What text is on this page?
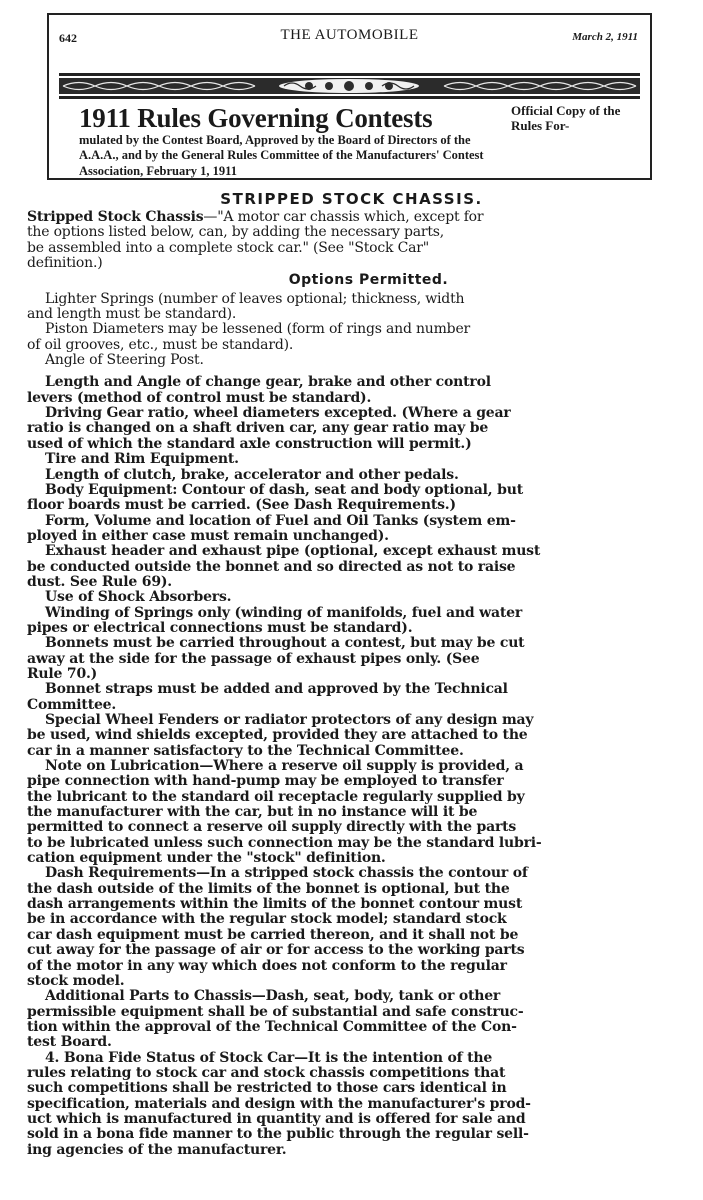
642	THE AUTOMOBILE	March 2, 1911
1911 Rules Governing Contests	Official Copy of the Rules For-
mulated by the Contest Board, Approved by the Board of Directors of the
A.A.A., and by the General Rules Committee of the Manufacturers' Contest
Association, February 1, 1911
STRIPPED STOCK CHASSIS.

Stripped Stock Chassis—"A motor car chassis which, except for
the options listed below, can, by adding the necessary parts,
be assembled into a complete stock car." (See "Stock Car"
definition.)

Options Permitted.

Lighter Springs (number of leaves optional; thickness, width
and length must be standard).

Piston Diameters may be lessened (form of rings and number
of oil grooves, etc., must be standard).

Angle of Steering Post.

Length and Angle of change gear, brake and other control
levers (method of control must be standard).

Driving Gear ratio, wheel diameters excepted. (Where a gear
ratio is changed on a shaft driven car, any gear ratio may be
used of which the standard axle construction will permit.)

Tire and Rim Equipment.

Length of clutch, brake, accelerator and other pedals.

Body Equipment: Contour of dash, seat and body optional, but
floor boards must be carried. (See Dash Requirements.)

Form, Volume and location of Fuel and Oil Tanks (system em-
ployed in either case must remain unchanged).

Exhaust header and exhaust pipe (optional, except exhaust must
be conducted outside the bonnet and so directed as not to raise
dust. See Rule 69).

Use of Shock Absorbers.

Winding of Springs only (winding of manifolds, fuel and water
pipes or electrical connections must be standard).

Bonnets must be carried throughout a contest, but may be cut
away at the side for the passage of exhaust pipes only. (See
Rule 70.)

Bonnet straps must be added and approved by the Technical
Committee.

Special Wheel Fenders or radiator protectors of any design may
be used, wind shields excepted, provided they are attached to the
car in a manner satisfactory to the Technical Committee.

Note on Lubrication—Where a reserve oil supply is provided, a
pipe connection with hand-pump may be employed to transfer
the lubricant to the standard oil receptacle regularly supplied by
the manufacturer with the car, but in no instance will it be
permitted to connect a reserve oil supply directly with the parts
to be lubricated unless such connection may be the standard lubri-
cation equipment under the "stock" definition.

Dash Requirements—In a stripped stock chassis the contour of
the dash outside of the limits of the bonnet is optional, but the
dash arrangements within the limits of the bonnet contour must
be in accordance with the regular stock model; standard stock
car dash equipment must be carried thereon, and it shall not be
cut away for the passage of air or for access to the working parts
of the motor in any way which does not conform to the regular
stock model.

Additional Parts to Chassis—Dash, seat, body, tank or other
permissible equipment shall be of substantial and safe construc-
tion within the approval of the Technical Committee of the Con-
test Board.

4. Bona Fide Status of Stock Car—It is the intention of the
rules relating to stock car and stock chassis competitions that
such competitions shall be restricted to those cars identical in
specification, materials and design with the manufacturer's prod-
uct which is manufactured in quantity and is offered for sale and
sold in a bona fide manner to the public through the regular sell-
ing agencies of the manufacturer.
